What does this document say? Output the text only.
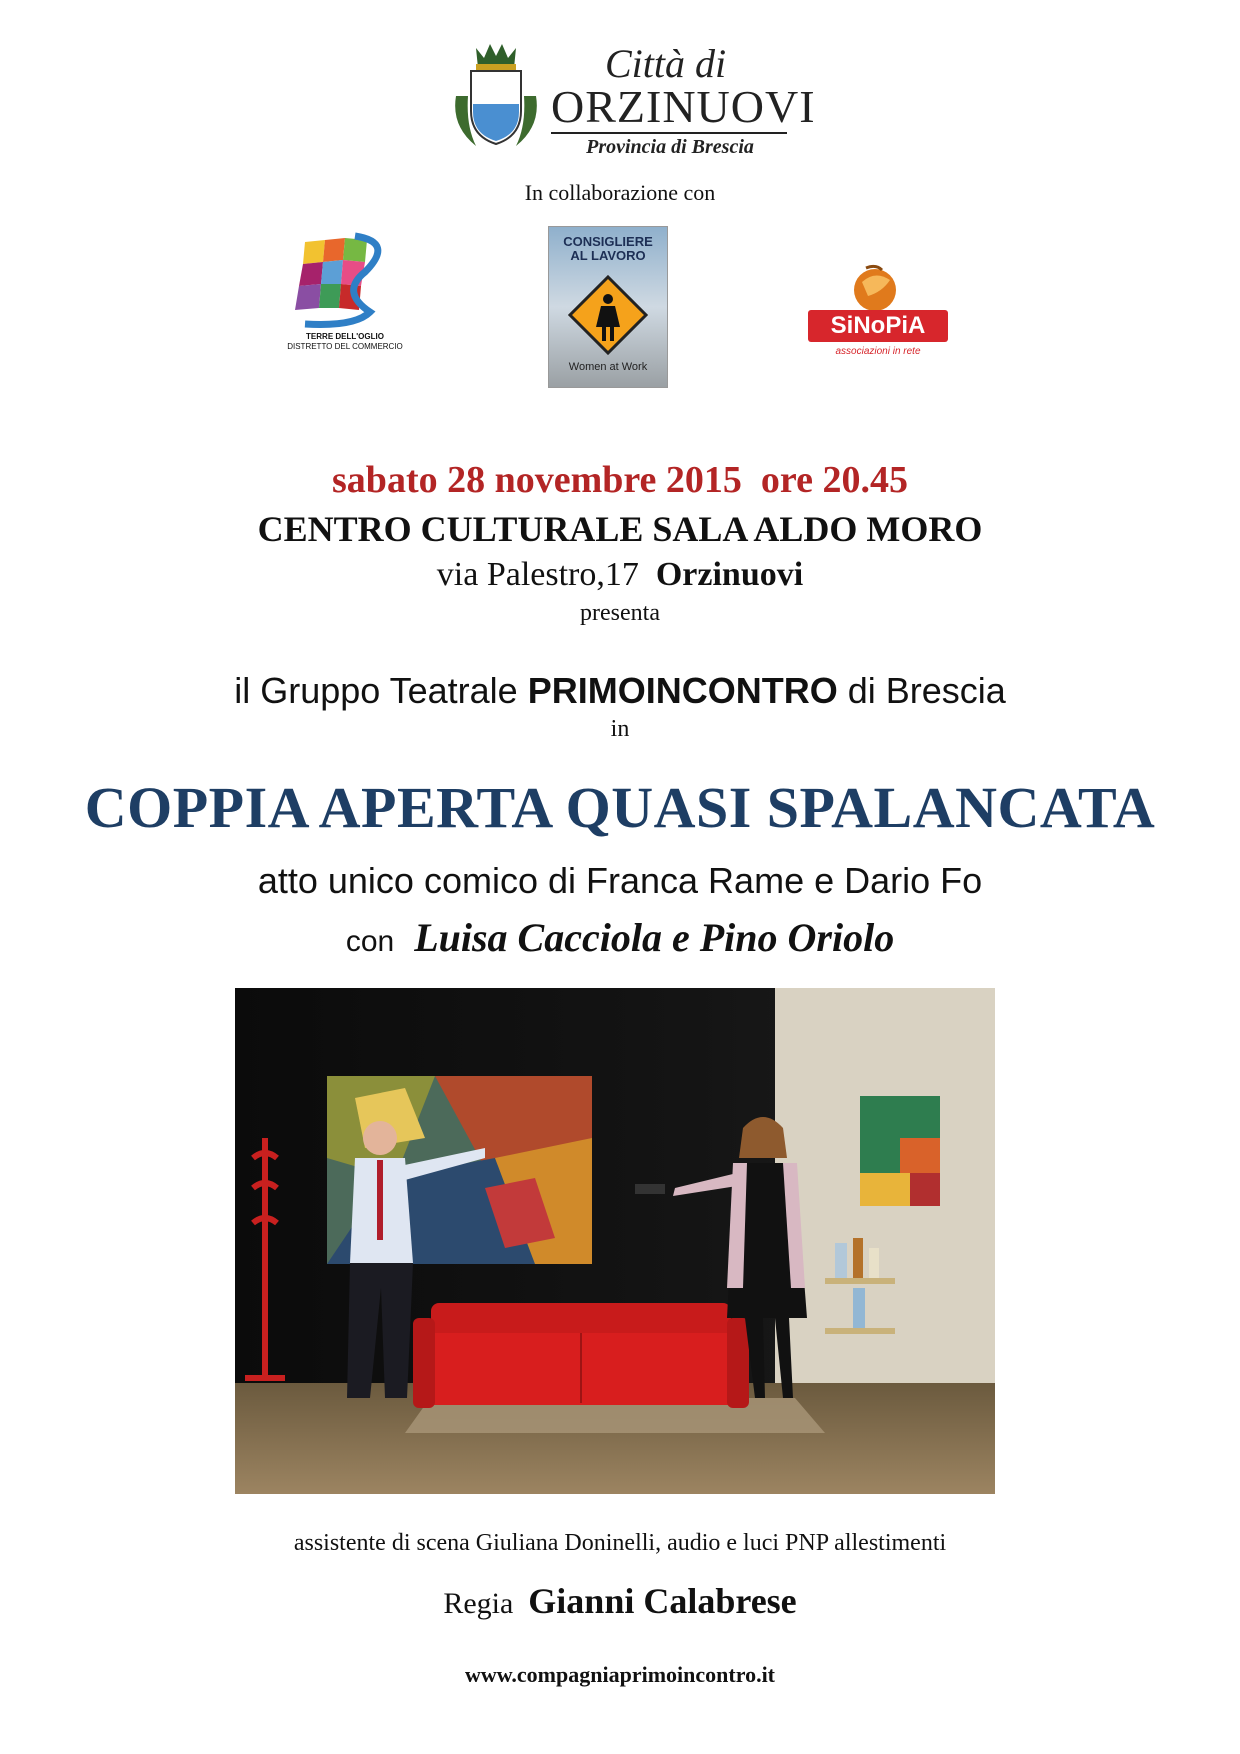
Città di
ORZINUOVI
Provincia di Brescia
In collaborazione con
TERRE DELL'OGLIO
DISTRETTO DEL COMMERCIO
CONSIGLIERE
AL LAVORO
Women at Work
SiNoPiA
associazioni in rete
sabato 28 novembre 2015  ore 20.45
CENTRO CULTURALE SALA ALDO MORO
via Palestro,17 Orzinuovi
presenta
il Gruppo Teatrale PRIMOINCONTRO di Brescia
in
COPPIA APERTA QUASI SPALANCATA
atto unico comico di Franca Rame e Dario Fo
con Luisa Cacciola e Pino Oriolo
assistente di scena Giuliana Doninelli, audio e luci PNP allestimenti
Regia Gianni Calabrese
www.compagniaprimoincontro.it
